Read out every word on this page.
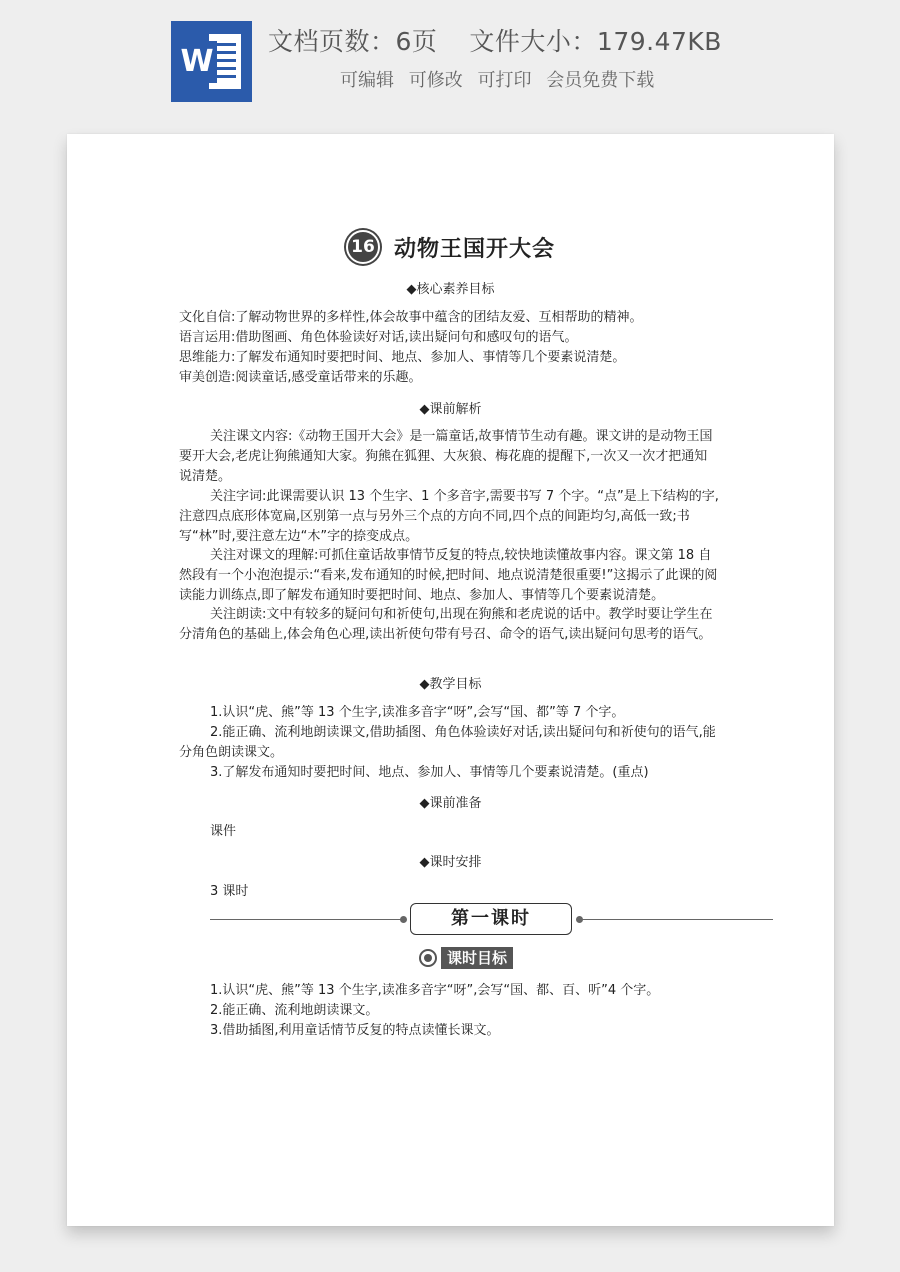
W
文档页数：6页 文件大小：179.47KB
可编辑 可修改 可打印 会员免费下载
16 动物王国开大会
◆核心素养目标
文化自信:了解动物世界的多样性,体会故事中蕴含的团结友爱、互相帮助的精神。
语言运用:借助图画、角色体验读好对话,读出疑问句和感叹句的语气。
思维能力:了解发布通知时要把时间、地点、参加人、事情等几个要素说清楚。
审美创造:阅读童话,感受童话带来的乐趣。
◆课前解析
关注课文内容:《动物王国开大会》是一篇童话,故事情节生动有趣。课文讲的是动物王国要开大会,老虎让狗熊通知大家。狗熊在狐狸、大灰狼、梅花鹿的提醒下,一次又一次才把通知说清楚。
关注字词:此课需要认识 13 个生字、1 个多音字,需要书写 7 个字。“点”是上下结构的字,注意四点底形体宽扁,区别第一点与另外三个点的方向不同,四个点的间距均匀,高低一致;书写“林”时,要注意左边“木”字的捺变成点。
关注对课文的理解:可抓住童话故事情节反复的特点,较快地读懂故事内容。课文第 18 自然段有一个小泡泡提示:“看来,发布通知的时候,把时间、地点说清楚很重要!”这揭示了此课的阅读能力训练点,即了解发布通知时要把时间、地点、参加人、事情等几个要素说清楚。
关注朗读:文中有较多的疑问句和祈使句,出现在狗熊和老虎说的话中。教学时要让学生在分清角色的基础上,体会角色心理,读出祈使句带有号召、命令的语气,读出疑问句思考的语气。
◆教学目标
1.认识“虎、熊”等 13 个生字,读准多音字“呀”,会写“国、都”等 7 个字。
2.能正确、流利地朗读课文,借助插图、角色体验读好对话,读出疑问句和祈使句的语气,能分角色朗读课文。
3.了解发布通知时要把时间、地点、参加人、事情等几个要素说清楚。(重点)
◆课前准备
课件
◆课时安排
3 课时
第一课时
课时目标
1.认识“虎、熊”等 13 个生字,读准多音字“呀”,会写“国、都、百、听”4 个字。
2.能正确、流利地朗读课文。
3.借助插图,利用童话情节反复的特点读懂长课文。
